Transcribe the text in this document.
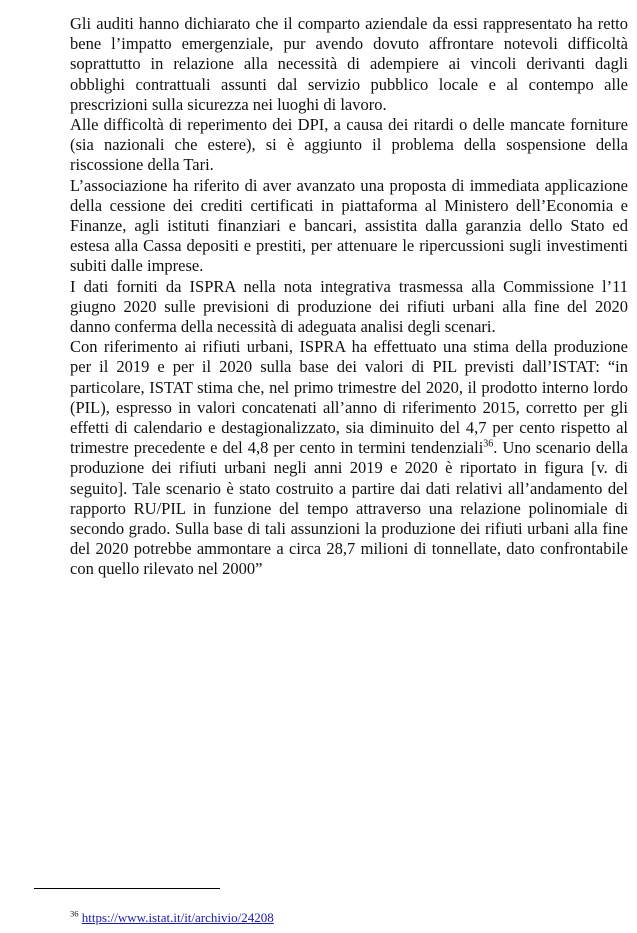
Gli auditi hanno dichiarato che il comparto aziendale da essi rappresentato ha retto bene l’impatto emergenziale, pur avendo dovuto affrontare notevoli difficoltà soprattutto in relazione alla necessità di adempiere ai vincoli derivanti dagli obblighi contrattuali assunti dal servizio pubblico locale e al contempo alle prescrizioni sulla sicurezza nei luoghi di lavoro.

Alle difficoltà di reperimento dei DPI, a causa dei ritardi o delle mancate forniture (sia nazionali che estere), si è aggiunto il problema della sospensione della riscossione della Tari.

L’associazione ha riferito di aver avanzato una proposta di immediata applicazione della cessione dei crediti certificati in piattaforma al Ministero dell’Economia e Finanze, agli istituti finanziari e bancari, assistita dalla garanzia dello Stato ed estesa alla Cassa depositi e prestiti, per attenuare le ripercussioni sugli investimenti subiti dalle imprese.

I dati forniti da ISPRA nella nota integrativa trasmessa alla Commissione l’11 giugno 2020 sulle previsioni di produzione dei rifiuti urbani alla fine del 2020 danno conferma della necessità di adeguata analisi degli scenari.

Con riferimento ai rifiuti urbani, ISPRA ha effettuato una stima della produzione per il 2019 e per il 2020 sulla base dei valori di PIL previsti dall’ISTAT: “in particolare, ISTAT stima che, nel primo trimestre del 2020, il prodotto interno lordo (PIL), espresso in valori concatenati all’anno di riferimento 2015, corretto per gli effetti di calendario e destagionalizzato, sia diminuito del 4,7 per cento rispetto al trimestre precedente e del 4,8 per cento in termini tendenziali$^{36}$. Uno scenario della produzione dei rifiuti urbani negli anni 2019 e 2020 è riportato in figura [v. di seguito]. Tale scenario è stato costruito a partire dai dati relativi all’andamento del rapporto RU/PIL in funzione del tempo attraverso una relazione polinomiale di secondo grado. Sulla base di tali assunzioni la produzione dei rifiuti urbani alla fine del 2020 potrebbe ammontare a circa 28,7 milioni di tonnellate, dato confrontabile con quello rilevato nel 2000”

$^{36}$ https://www.istat.it/it/archivio/24208
